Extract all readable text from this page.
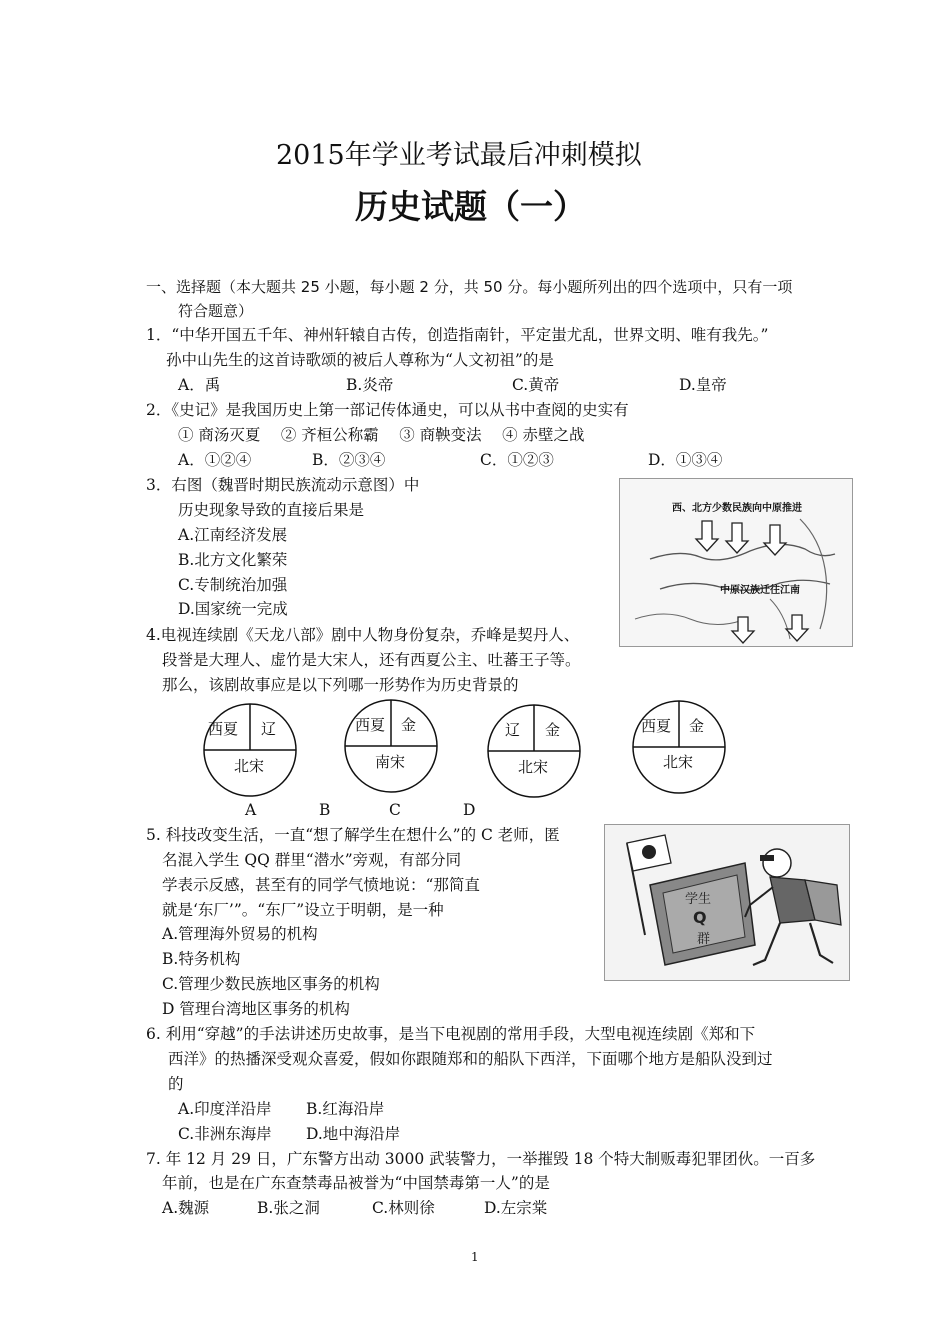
2015年学业考试最后冲刺模拟
历史试题（一）
一、选择题（本大题共 25 小题，每小题 2 分，共 50 分。每小题所列出的四个选项中，只有一项
符合题意）
1．“中华开国五千年、神州轩辕自古传，创造指南针，平定蚩尤乱，世界文明、唯有我先。”
孙中山先生的这首诗歌颂的被后人尊称为“人文初祖”的是
A．禹	B.炎帝	C.黄帝	D.皇帝
2．《史记》是我国历史上第一部记传体通史，可以从书中查阅的史实有
① 商汤灭夏　 ② 齐桓公称霸　 ③ 商鞅变法　 ④ 赤壁之战
A．①②④	B．②③④	C．①②③	D．①③④
3．右图（魏晋时期民族流动示意图）中
历史现象导致的直接后果是
A.江南经济发展
B.北方文化繁荣
C.专制统治加强
D.国家统一完成
西、北方少数民族向中原推进
中原汉族迁往江南
4.电视连续剧《天龙八部》剧中人物身份复杂，乔峰是契丹人、
段誉是大理人、虚竹是大宋人，还有西夏公主、吐蕃王子等。
那么，该剧故事应是以下列哪一形势作为历史背景的
西夏 辽
北宋
西夏 金
南宋
辽 金
北宋
西夏 金
北宋
A	B	C	D
5. 科技改变生活，一直“想了解学生在想什么”的 C 老师，匿
名混入学生 QQ 群里“潜水”旁观，有部分同
学表示反感，甚至有的同学气愤地说：“那简直
就是‘东厂’”。“东厂”设立于明朝，是一种
A.管理海外贸易的机构
B.特务机构
C.管理少数民族地区事务的机构
D 管理台湾地区事务的机构
学生
Q
群
6. 利用“穿越”的手法讲述历史故事，是当下电视剧的常用手段，大型电视连续剧《郑和下
西洋》的热播深受观众喜爱，假如你跟随郑和的船队下西洋，下面哪个地方是船队没到过
的
A.印度洋沿岸 B.红海沿岸
C.非洲东海岸 D.地中海沿岸
7. 年 12 月 29 日，广东警方出动 3000 武装警力，一举摧毁 18 个特大制贩毒犯罪团伙。一百多
年前，也是在广东查禁毒品被誉为“中国禁毒第一人”的是
A.魏源	B.张之洞	C.林则徐	D.左宗棠
1
